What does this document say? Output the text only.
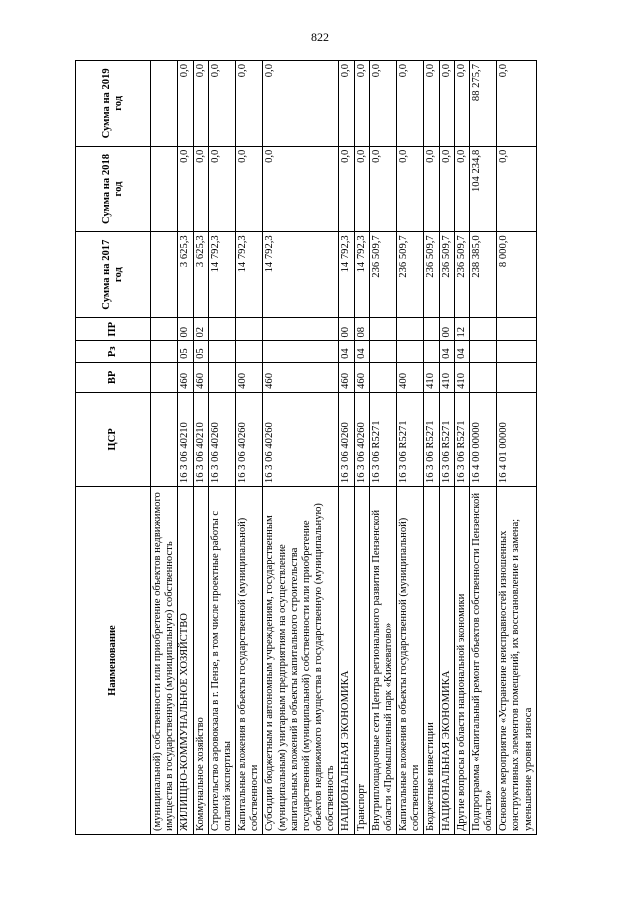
822
Наименование	ЦСР	ВР	Рз	ПР	Сумма на 2017 год	Сумма на 2018 год	Сумма на 2019 год
(муниципальной) собственности или приобретение объектов недвижимого имущества в государственную (муниципальную) собственность							
ЖИЛИЩНО-КОММУНАЛЬНОЕ ХОЗЯЙСТВО	16 3 06 40210	460	05	00	3 625,3	0,0	0,0
Коммунальное хозяйство	16 3 06 40210	460	05	02	3 625,3	0,0	0,0
Строительство аэровокзала в г. Пензе, в том числе проектные работы с оплатой экспертизы	16 3 06 40260				14 792,3	0,0	0,0
Капитальные вложения в объекты государственной (муниципальной) собственности	16 3 06 40260	400			14 792,3	0,0	0,0
Субсидии бюджетным и автономным учреждениям, государственным (муниципальным) унитарным предприятиям на осуществление капитальных вложений в объекты капитального строительства государственной (муниципальной) собственности или приобретение объектов недвижимого имущества в государственную (муниципальную) собственность	16 3 06 40260	460			14 792,3	0,0	0,0
НАЦИОНАЛЬНАЯ ЭКОНОМИКА	16 3 06 40260	460	04	00	14 792,3	0,0	0,0
Транспорт	16 3 06 40260	460	04	08	14 792,3	0,0	0,0
Внутриплощадочные сети Центра регионального развития Пензенской области «Промышленный парк «Кижеватово»	16 3 06 R5271				236 509,7	0,0	0,0
Капитальные вложения в объекты государственной (муниципальной) собственности	16 3 06 R5271	400			236 509,7	0,0	0,0
Бюджетные инвестиции	16 3 06 R5271	410			236 509,7	0,0	0,0
НАЦИОНАЛЬНАЯ ЭКОНОМИКА	16 3 06 R5271	410	04	00	236 509,7	0,0	0,0
Другие вопросы в области национальной экономики	16 3 06 R5271	410	04	12	236 509,7	0,0	0,0
Подпрограмма «Капитальный ремонт объектов собственности Пензенской области»	16 4 00 00000				238 385,0	104 234,8	88 275,7
Основное мероприятие «Устранение неисправностей изношенных конструктивных элементов помещений, их восстановление и замена; уменьшение уровня износа	16 4 01 00000				8 000,0	0,0	0,0
